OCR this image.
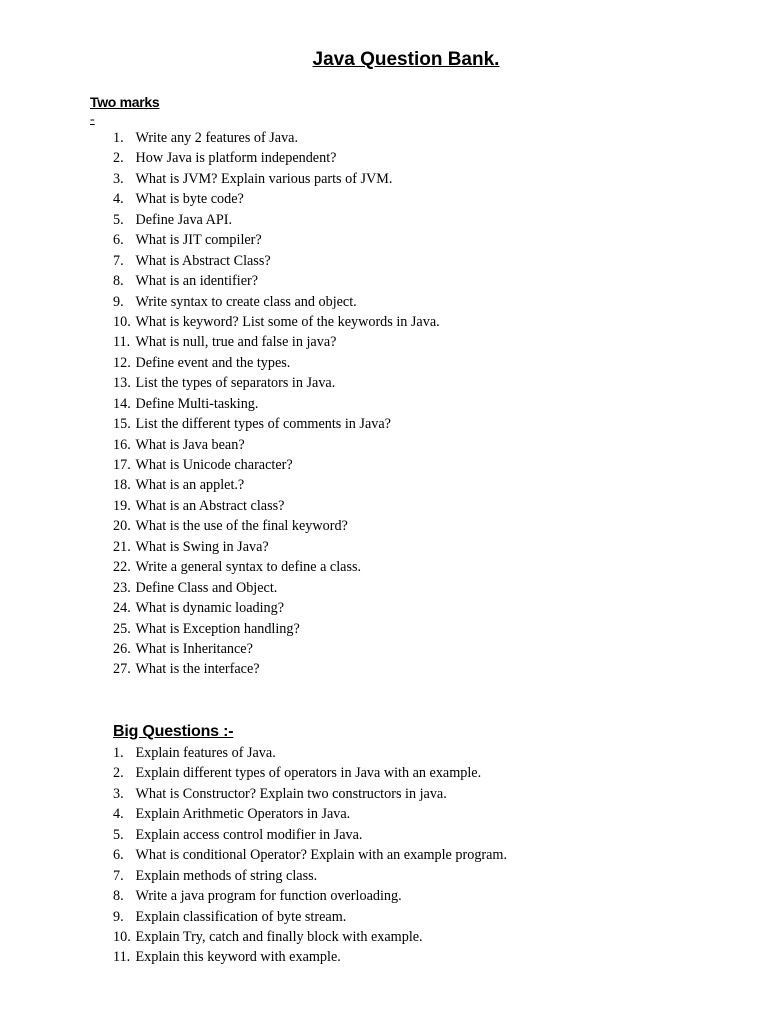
Java Question Bank.
Two marks
-
1. Write any 2 features of Java.
2. How Java is platform independent?
3. What is JVM? Explain various parts of JVM.
4. What is byte code?
5. Define Java API.
6. What is JIT compiler?
7. What is Abstract Class?
8. What is an identifier?
9. Write syntax to create class and object.
10. What is keyword? List some of the keywords in Java.
11. What is null, true and false in java?
12. Define event and the types.
13. List the types of separators in Java.
14. Define Multi-tasking.
15. List the different types of comments in Java?
16. What is Java bean?
17. What is Unicode character?
18. What is an applet.?
19. What is an Abstract class?
20. What is the use of the final keyword?
21. What is Swing in Java?
22. Write a general syntax to define a class.
23. Define Class and Object.
24. What is dynamic loading?
25. What is Exception handling?
26. What is Inheritance?
27. What is the interface?
Big Questions :-
1. Explain features of Java.
2. Explain different types of operators in Java with an example.
3. What is Constructor? Explain two constructors in java.
4. Explain Arithmetic Operators in Java.
5. Explain access control modifier in Java.
6. What is conditional Operator? Explain with an example program.
7. Explain methods of string class.
8. Write a java program for function overloading.
9. Explain classification of byte stream.
10. Explain Try, catch and finally block with example.
11. Explain this keyword with example.
